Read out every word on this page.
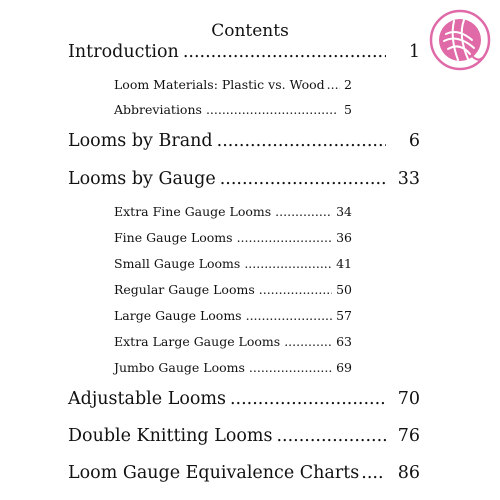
Contents
Introduction .....	1
Loom Materials: Plastic vs. Wood ..... 2
Abbreviations .....	5
Looms by Brand .....	6
Looms by Gauge .....	33
Extra Fine Gauge Looms .....	34
Fine Gauge Looms .....	36
Small Gauge Looms .....	41
Regular Gauge Looms .....	50
Large Gauge Looms .....	57
Extra Large Gauge Looms .....	63
Jumbo Gauge Looms .....	69
Adjustable Looms .....	70
Double Knitting Looms .....	76
Loom Gauge Equivalence Charts .....	86
